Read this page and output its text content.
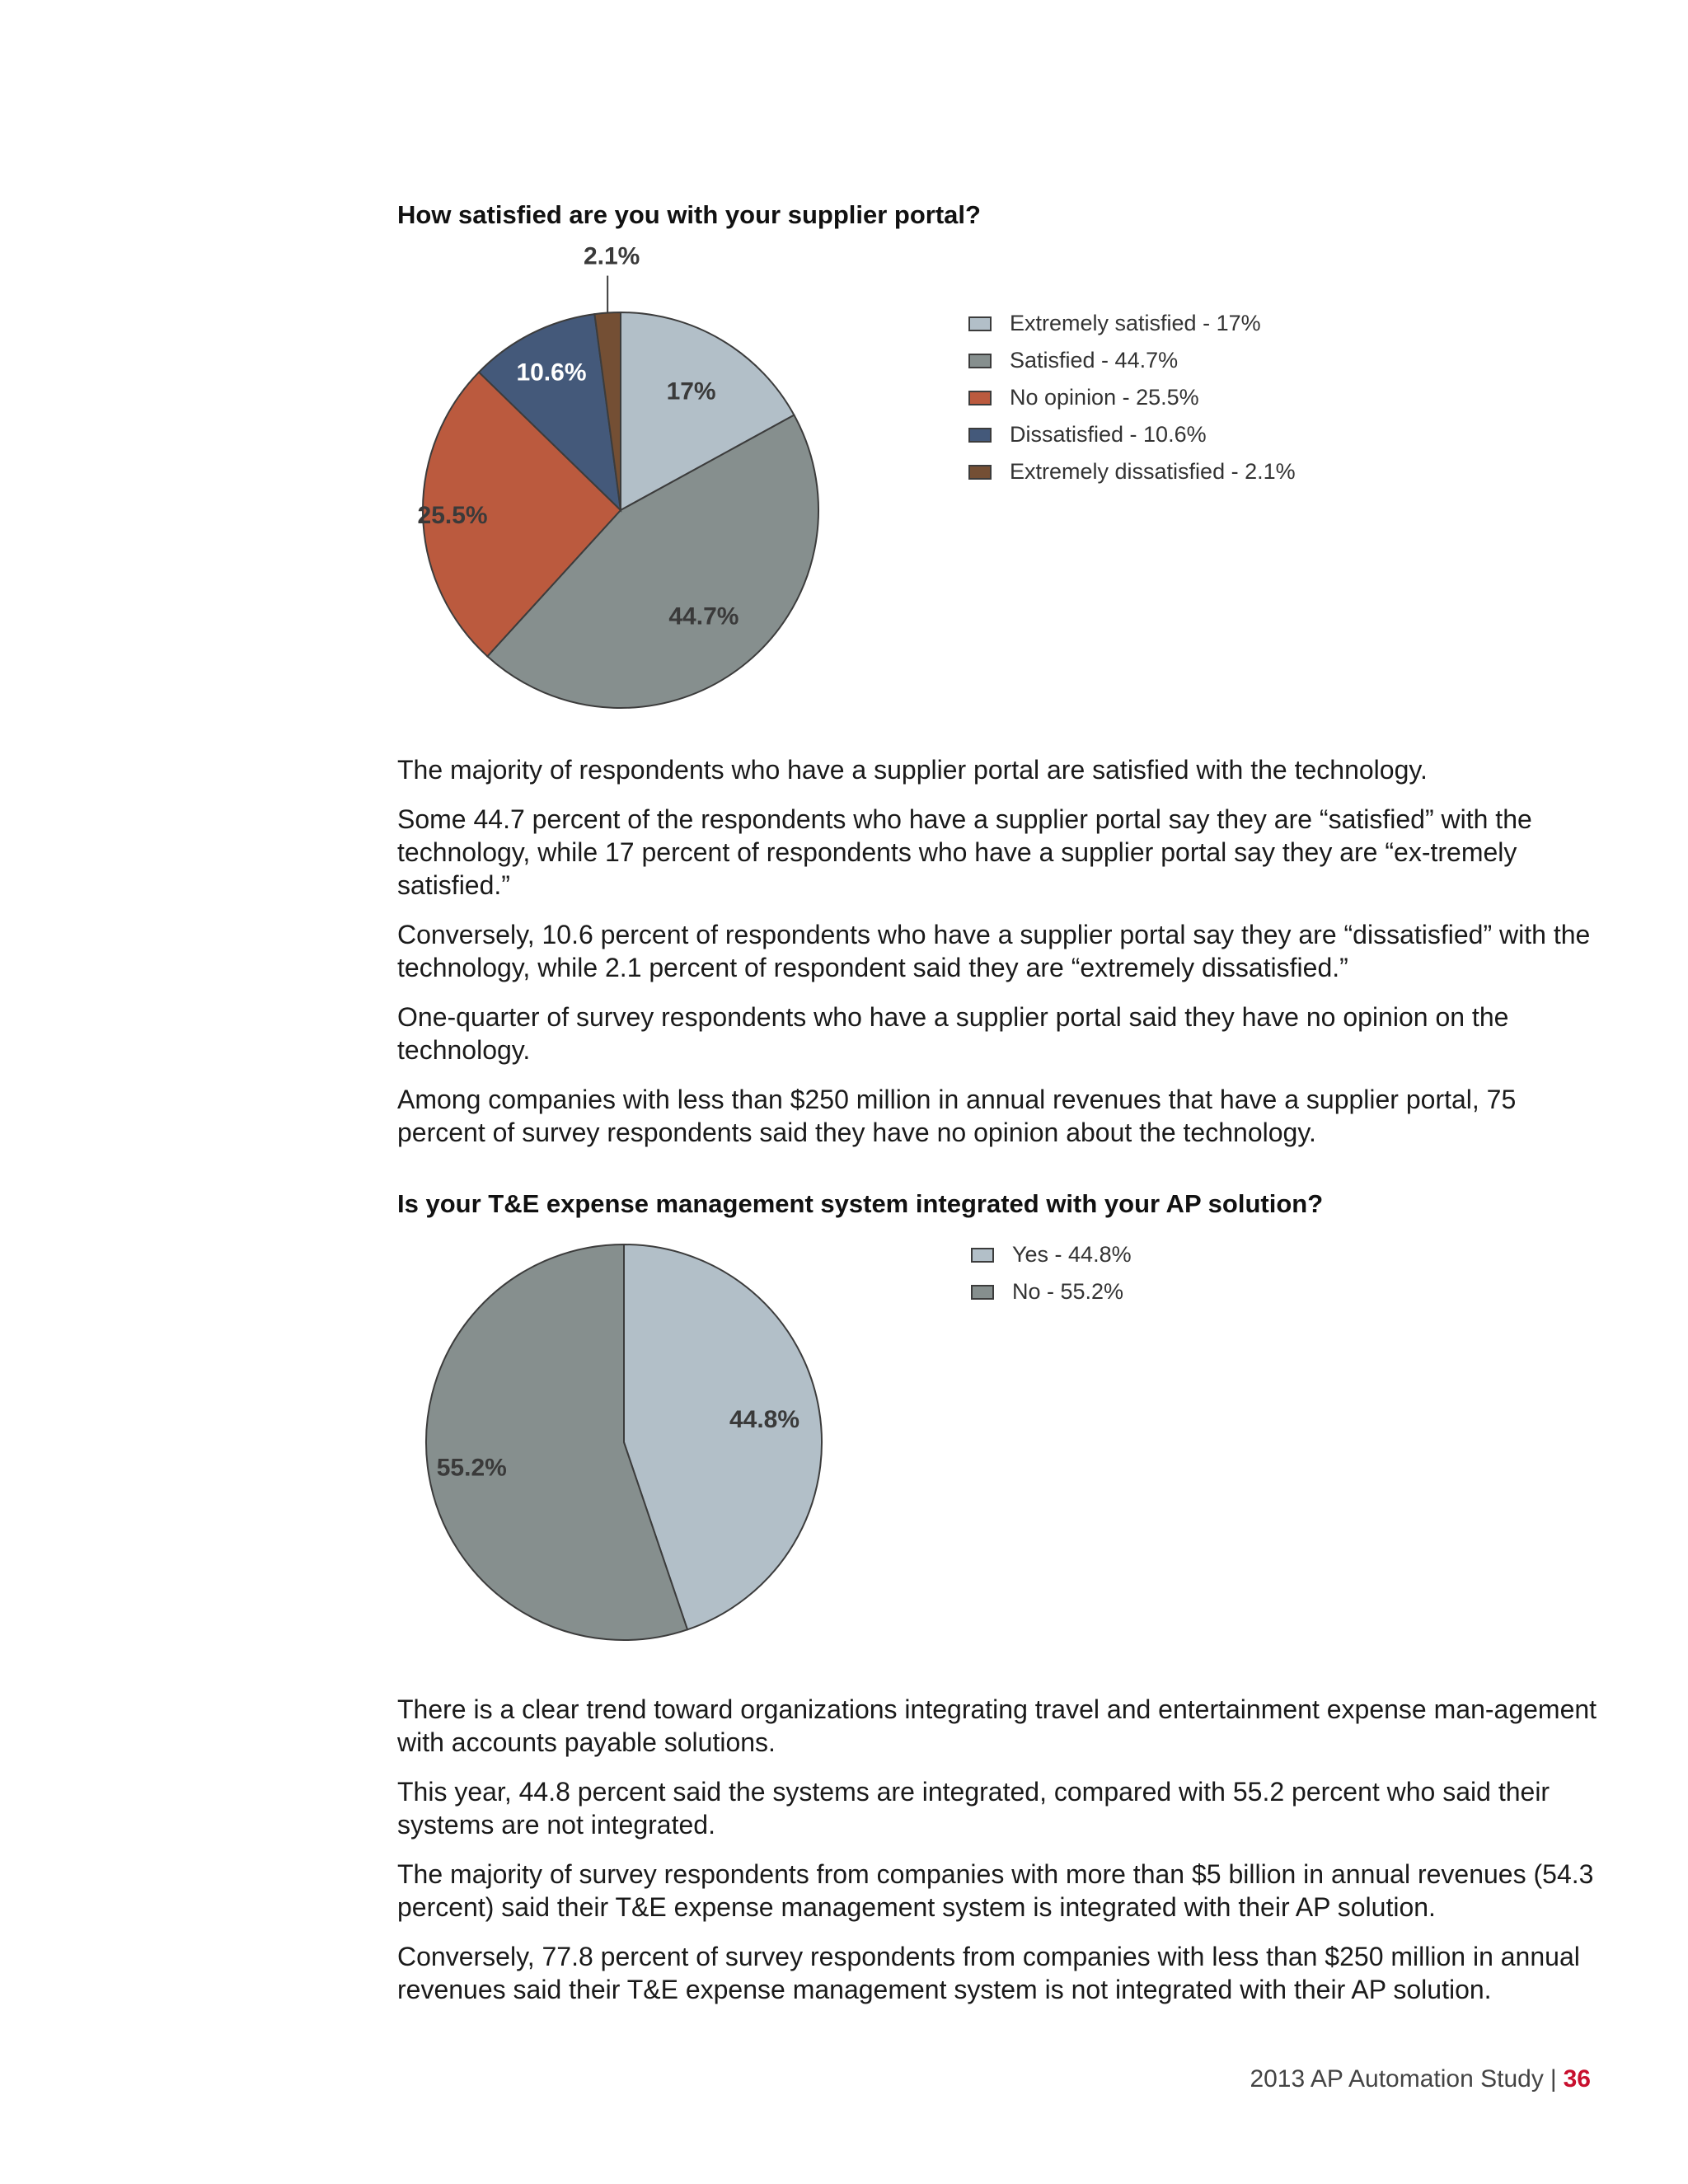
How satisfied are you with your supplier portal?
17%
44.7%
25.5%
10.6%
2.1%
Extremely satisfied - 17%
Satisfied - 44.7%
No opinion - 25.5%
Dissatisfied - 10.6%
Extremely dissatisfied - 2.1%

The majority of respondents who have a supplier portal are satisfied with the technology.

Some 44.7 percent of the respondents who have a supplier portal say they are “satisfied” with the technology, while 17 percent of respondents who have a supplier portal say they are “ex-tremely satisfied.”

Conversely, 10.6 percent of respondents who have a supplier portal say they are “dissatisfied” with the technology, while 2.1 percent of respondent said they are “extremely dissatisfied.”

One-quarter of survey respondents who have a supplier portal said they have no opinion on the technology.

Among companies with less than $250 million in annual revenues that have a supplier portal, 75 percent of survey respondents said they have no opinion about the technology.

Is your T&E expense management system integrated with your AP solution?
44.8%
55.2%
Yes - 44.8%
No - 55.2%

There is a clear trend toward organizations integrating travel and entertainment expense man-agement with accounts payable solutions.

This year, 44.8 percent said the systems are integrated, compared with 55.2 percent who said their systems are not integrated.

The majority of survey respondents from companies with more than $5 billion in annual revenues (54.3 percent) said their T&E expense management system is integrated with their AP solution.

Conversely, 77.8 percent of survey respondents from companies with less than $250 million in annual revenues said their T&E expense management system is not integrated with their AP solution.

2013 AP Automation Study | 36
